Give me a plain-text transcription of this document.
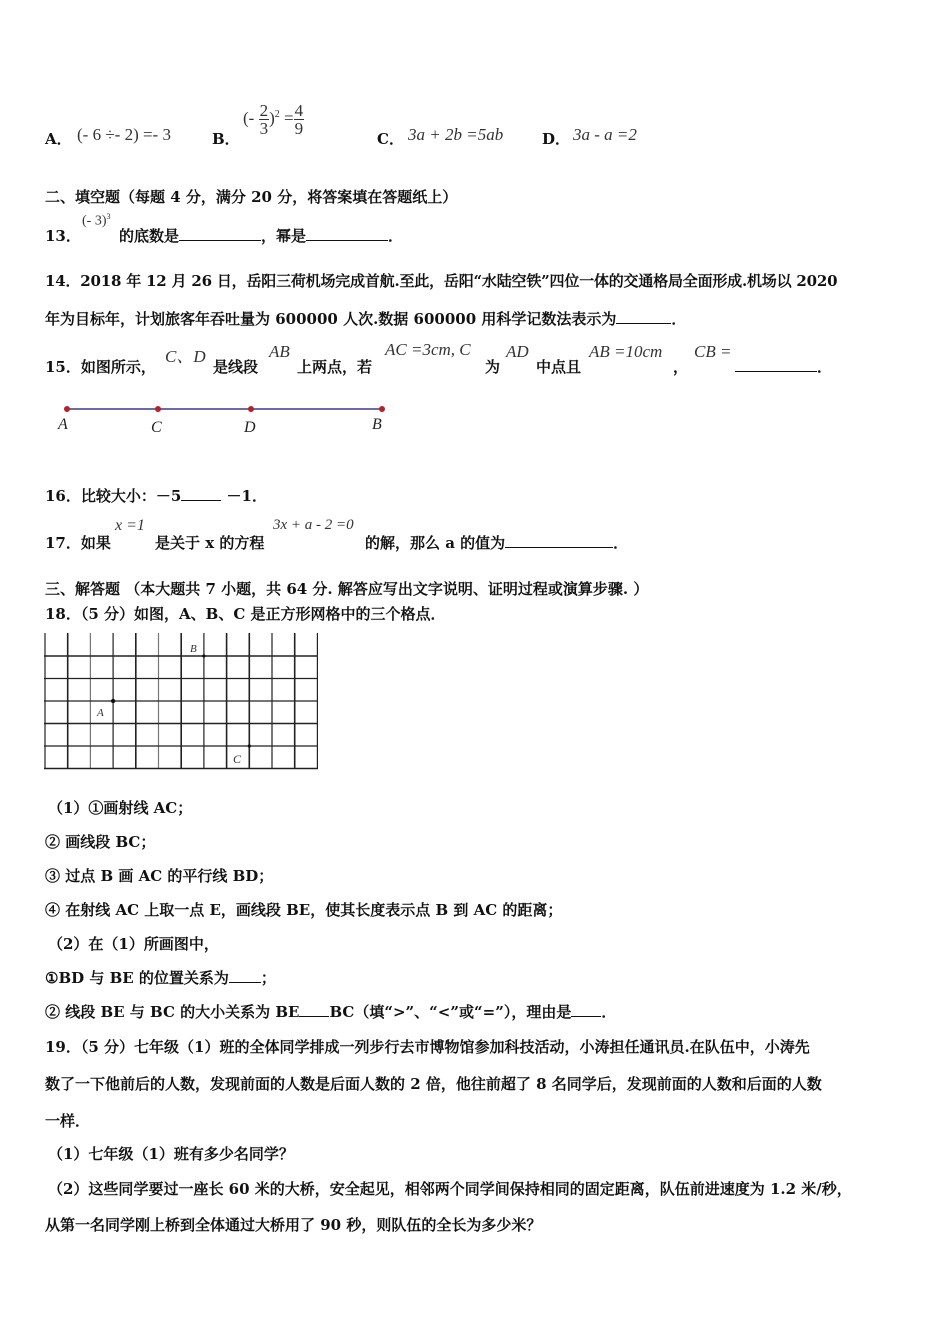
A． (- 6 ÷- 2) =- 3	B．
(- $\frac{2}{3} )^2 = \frac{4}{9}$
C． 3a + 2b =5ab	D． 3a - a =2
二、填空题（每题 4 分，满分 20 分，将答案填在答题纸上）
13．
(- 3)$^3$
的底数是	，幂是	．
14．2018 年 12 月 26 日，岳阳三荷机场完成首航.至此，岳阳“水陆空铁”四位一体的交通格局全面形成.机场以 2020
年为目标年，计划旅客年吞吐量为 600000 人次.数据 600000 用科学记数法表示为	．
15．如图所示，
C、D
是线段
AB
上两点，若
AC =3cm, C
为
AD
中点且
AB =10cm
，
CB =
．
A	C	D	B
16．比较大小：－5	－1．
17．如果
x =1
是关于 x 的方程
3x + a - 2 =0
的解，那么 a 的值为	．
三、解答题 （本大题共 7 小题，共 64 分. 解答应写出文字说明、证明过程或演算步骤. ）
18．（5 分）如图，A、B、C 是正方形网格中的三个格点．
A
B
C
（1）①画射线 AC；
② 画线段 BC；
③ 过点 B 画 AC 的平行线 BD；
④ 在射线 AC 上取一点 E，画线段 BE，使其长度表示点 B 到 AC 的距离；
（2）在（1）所画图中，
①BD 与 BE 的位置关系为 ；
② 线段 BE 与 BC 的大小关系为 BE BC（填“>”、“<”或“=”），理由是 ．
19．（5 分）七年级（1）班的全体同学排成一列步行去市博物馆参加科技活动，小涛担任通讯员.在队伍中，小涛先
数了一下他前后的人数，发现前面的人数是后面人数的 2 倍，他往前超了 8 名同学后，发现前面的人数和后面的人数
一样．
（1）七年级（1）班有多少名同学？
（2）这些同学要过一座长 60 米的大桥，安全起见，相邻两个同学间保持相同的固定距离，队伍前进速度为 1.2 米/秒，
从第一名同学刚上桥到全体通过大桥用了 90 秒，则队伍的全长为多少米？
